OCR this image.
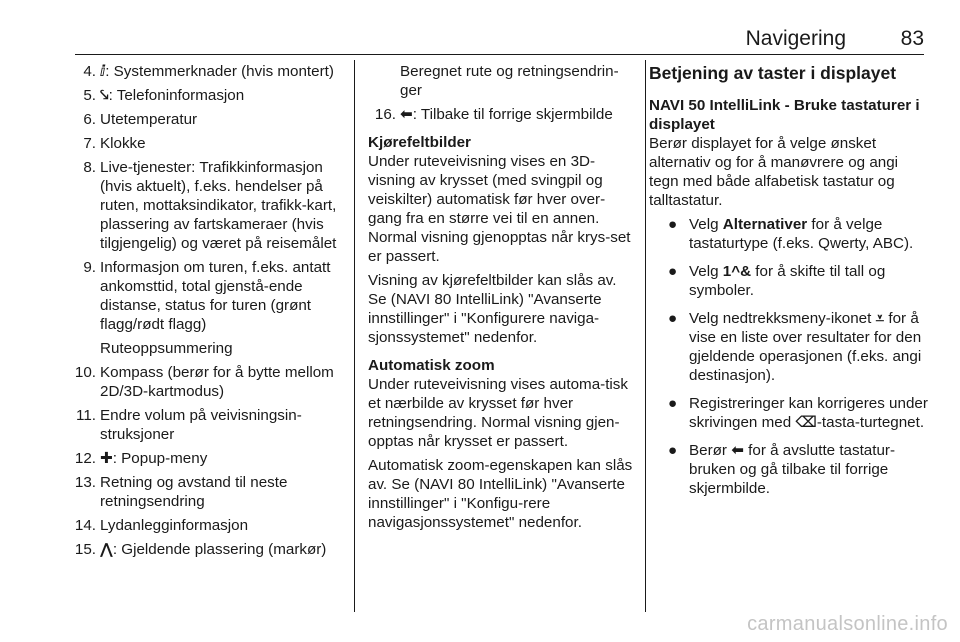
Navigering	83
4. ⅈ: Systemmerknader (hvis montert)
5. ⤥: Telefoninformasjon
6. Utetemperatur
7. Klokke
8. Live-tjenester: Trafikkinformasjon (hvis aktuelt), f.eks. hendelser på ruten, mottaksindikator, trafikk-kart, plassering av fartskameraer (hvis tilgjengelig) og været på reisemålet
9. Informasjon om turen, f.eks. antatt ankomsttid, total gjenstå-ende distanse, status for turen (grønt flagg/rødt flagg)
Ruteoppsummering
10. Kompass (berør for å bytte mellom 2D/3D-kartmodus)
11. Endre volum på veivisningsin-struksjoner
12. ✚: Popup-meny
13. Retning og avstand til neste retningsendring
14. Lydanlegginformasjon
15. ⋀: Gjeldende plassering (markør)
Beregnet rute og retningsendrin-ger
16. ⬅: Tilbake til forrige skjermbilde
Kjørefeltbilder
Under ruteveivisning vises en 3D-visning av krysset (med svingpil og veiskilter) automatisk før hver over-gang fra en større vei til en annen. Normal visning gjenopptas når krys-set er passert.
Visning av kjørefeltbilder kan slås av. Se (NAVI 80 IntelliLink) "Avanserte innstillinger" i "Konfigurere naviga-sjonssystemet" nedenfor.
Automatisk zoom
Under ruteveivisning vises automa-tisk et nærbilde av krysset før hver retningsendring. Normal visning gjen-opptas når krysset er passert.
Automatisk zoom-egenskapen kan slås av. Se (NAVI 80 IntelliLink) "Avanserte innstillinger" i "Konfigu-rere navigasjonssystemet" nedenfor.
Betjening av taster i displayet
NAVI 50 IntelliLink - Bruke tastaturer i displayet
Berør displayet for å velge ønsket alternativ og for å manøvrere og angi tegn med både alfabetisk tastatur og talltastatur.
● Velg Alternativer for å velge tastaturtype (f.eks. Qwerty, ABC).
● Velg 1^& for å skifte til tall og symboler.
● Velg nedtrekksmeny-ikonet ⩡ for å vise en liste over resultater for den gjeldende operasjonen (f.eks. angi destinasjon).
● Registreringer kan korrigeres under skrivingen med ⌫-tasta-turtegnet.
● Berør ⬅ for å avslutte tastatur-bruken og gå tilbake til forrige skjermbilde.
carmanualsonline.info
